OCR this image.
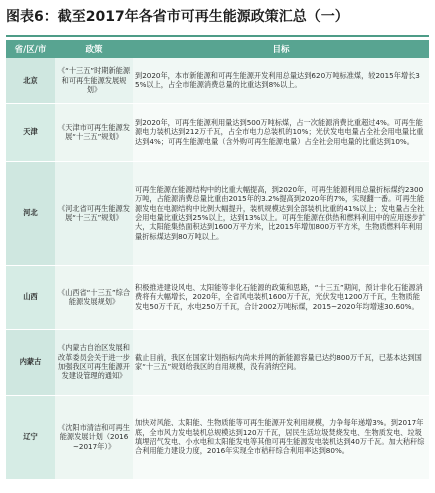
图表6：截至2017年各省市可再生能源政策汇总（一）
省/区/市	政策	目标
北京	《“十三五”时期新能源和可再生能源发展规划》	到2020年，本市新能源和可再生能源开发利用总量达到620万吨标准煤，较2015年增长35%以上，占全市能源消费总量的比重达到8%以上。
天津	《天津市可再生能源发展“十三五”规划》	到2020年，可再生能源利用量达到500万吨标煤，占一次能源消费比重超过4%。可再生能源电力装机达到212万千瓦，占全市电力总装机的10%；光伏发电电量占全社会用电量比重达到4%；可再生能源电量（含外购可再生能源电量）占全社会用电量的比重达到10%。
河北	《河北省可再生能源发展“十三五”规划》	可再生能源在能源结构中的比重大幅提高，到2020年，可再生能源利用总量折标煤约2300万吨，占能源消费总量比重由2015年的3.2%提高到2020年的7%，实现翻一番。可再生能源发电在电源结构中比例大幅提升，装机规模达到全部装机比重的41%以上；发电量占全社会用电量比重达到25%以上，达到13%以上。可再生能源在供热和燃料利用中的应用逐步扩大，太阳能集热面积达到1600万平方米，比2015年增加800万平方米，生物质燃料年利用量折标煤达到80万吨以上。
山西	《山西省“十三五”综合能源发展规划》	积极推进建设风电、太阳能等非化石能源的政策和思路，“十三五”期间，预计非化石能源消费将有大幅增长，2020年，全省风电装机1600万千瓦，光伏发电1200万千瓦，生物质能发电50万千瓦，水电250万千瓦，合计2002万吨标煤，2015~2020年均增速30.60%。
内蒙古	《内蒙古自治区发展和改革委员会关于进一步加强我区可再生能源开发建设管理的通知》	截止目前，我区在国家计划指标内尚未并网的新能源容量已达约800万千瓦，已基本达到国家“十三五”规划给我区的自用规模，没有消纳空间。
辽宁	《沈阳市清洁和可再生能源发展计划（2016~2017年）》	加快对风能、太阳能、生物质能等可再生能源开发利用规模，力争每年递增3%。到2017年底，全市风力发电装机总规模达到120万千瓦，居民生活垃圾焚烧发电、生物质发电、垃圾填埋沼气发电、小水电和太阳能发电等其他可再生能源发电装机达到40万千瓦。加大秸秆综合利用能力建设力度，2016年实现全市秸秆综合利用率达到80%。
